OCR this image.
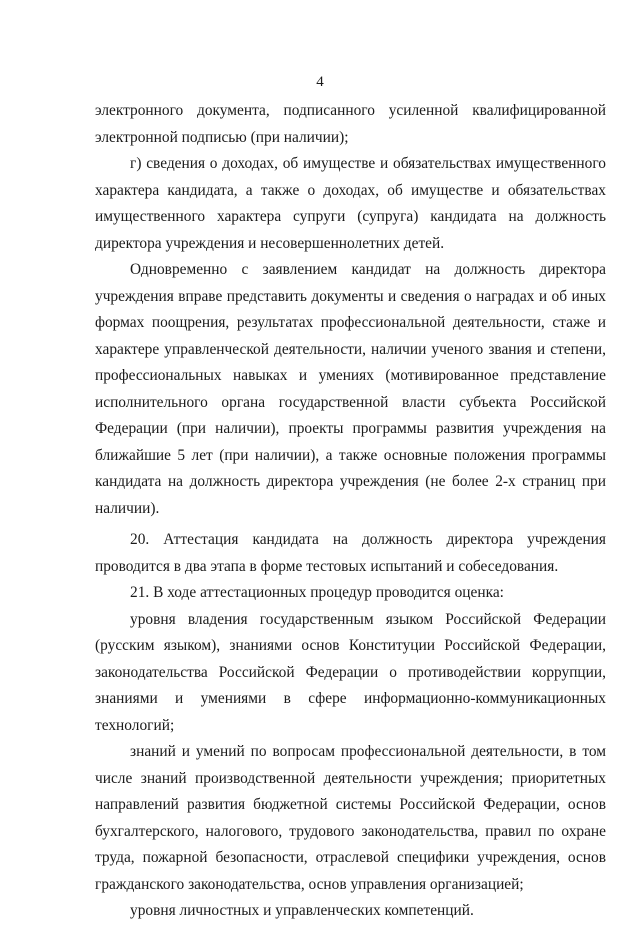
4

электронного документа, подписанного усиленной квалифицированной электронной подписью (при наличии);

г) сведения о доходах, об имуществе и обязательствах имущественного характера кандидата, а также о доходах, об имуществе и обязательствах имущественного характера супруги (супруга) кандидата на должность директора учреждения и несовершеннолетних детей.

Одновременно с заявлением кандидат на должность директора учреждения вправе представить документы и сведения о наградах и об иных формах поощрения, результатах профессиональной деятельности, стаже и характере управленческой деятельности, наличии ученого звания и степени, профессиональных навыках и умениях (мотивированное представление исполнительного органа государственной власти субъекта Российской Федерации (при наличии), проекты программы развития учреждения на ближайшие 5 лет (при наличии), а также основные положения программы кандидата на должность директора учреждения (не более 2-х страниц при наличии).

20. Аттестация кандидата на должность директора учреждения проводится в два этапа в форме тестовых испытаний и собеседования.

21. В ходе аттестационных процедур проводится оценка:

уровня владения государственным языком Российской Федерации (русским языком), знаниями основ Конституции Российской Федерации, законодательства Российской Федерации о противодействии коррупции, знаниями и умениями в сфере информационно-коммуникационных технологий;

знаний и умений по вопросам профессиональной деятельности, в том числе знаний производственной деятельности учреждения; приоритетных направлений развития бюджетной системы Российской Федерации, основ бухгалтерского, налогового, трудового законодательства, правил по охране труда, пожарной безопасности, отраслевой специфики учреждения, основ гражданского законодательства, основ управления организацией;

уровня личностных и управленческих компетенций.
